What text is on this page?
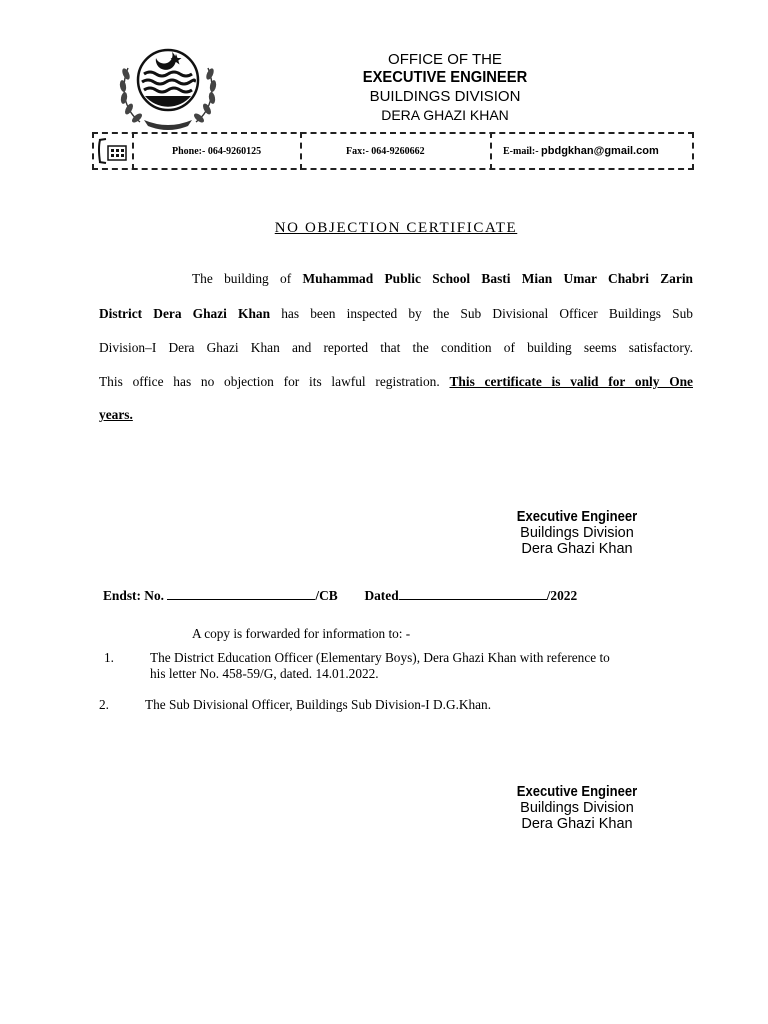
OFFICE OF THE
EXECUTIVE ENGINEER
BUILDINGS DIVISION
DERA GHAZI KHAN
Phone:- 064-9260125	Fax:- 064-9260662	E-mail:- pbdgkhan@gmail.com
NO OBJECTION CERTIFICATE
The building of Muhammad Public School Basti Mian Umar Chabri Zarin
District Dera Ghazi Khan has been inspected by the Sub Divisional Officer Buildings Sub
Division–I Dera Ghazi Khan and reported that the condition of building seems satisfactory.
This office has no objection for its lawful registration. This certificate is valid for only One
years.
Executive Engineer
Buildings Division
Dera Ghazi Khan
Endst: No.	/CB Dated	/2022
A copy is forwarded for information to: -
1.	The District Education Officer (Elementary Boys), Dera Ghazi Khan with reference to
his letter No. 458-59/G, dated. 14.01.2022.
2.	The Sub Divisional Officer, Buildings Sub Division-I D.G.Khan.
Executive Engineer
Buildings Division
Dera Ghazi Khan
